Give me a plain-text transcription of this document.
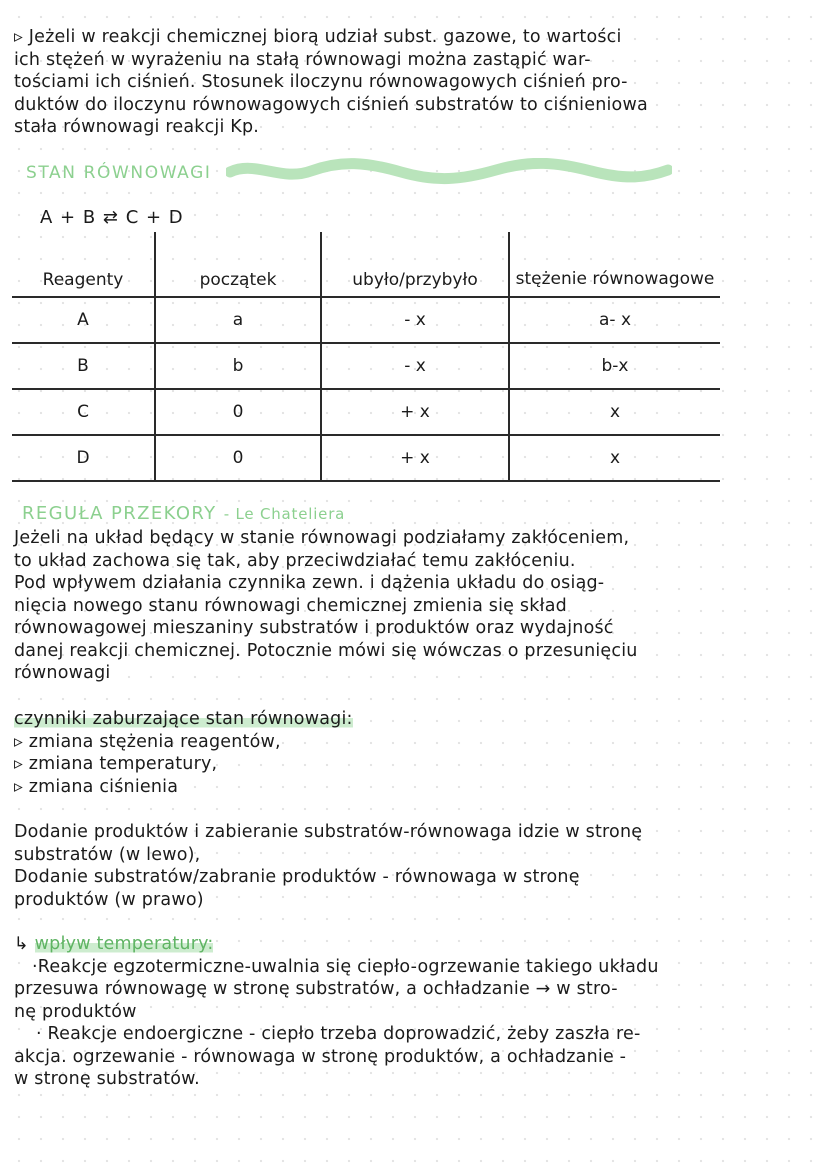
▹ Jeżeli w reakcji chemicznej biorą udział subst. gazowe, to wartości
ich stężeń w wyrażeniu na stałą równowagi można zastąpić war-
tościami ich ciśnień. Stosunek iloczynu równowagowych ciśnień pro-
duktów do iloczynu równowagowych ciśnień substratów to ciśnieniowa
stała równowagi reakcji Kp.
STAN RÓWNOWAGI
A + B ⇄ C + D
Reagenty	początek	ubyło/przybyło	stężenie równowagowe
A	a	- x	a- x
B	b	- x	b-x
C	0	+ x	x
D	0	+ x	x
REGUŁA PRZEKORY - Le Chateliera
Jeżeli na układ będący w stanie równowagi podziałamy zakłóceniem,
to układ zachowa się tak, aby przeciwdziałać temu zakłóceniu.
Pod wpływem działania czynnika zewn. i dążenia układu do osiąg-
nięcia nowego stanu równowagi chemicznej zmienia się skład
równowagowej mieszaniny substratów i produktów oraz wydajność
danej reakcji chemicznej. Potocznie mówi się wówczas o przesunięciu
równowagi
czynniki zaburzające stan równowagi:
▹ zmiana stężenia reagentów,
▹ zmiana temperatury,
▹ zmiana ciśnienia
Dodanie produktów i zabieranie substratów-równowaga idzie w stronę
substratów (w lewo),
Dodanie substratów/zabranie produktów - równowaga w stronę
produktów (w prawo)
↳ wpływ temperatury:
·Reakcje egzotermiczne-uwalnia się ciepło-ogrzewanie takiego układu
przesuwa równowagę w stronę substratów, a ochładzanie → w stro-
nę produktów
· Reakcje endoergiczne - ciepło trzeba doprowadzić, żeby zaszła re-
akcja. ogrzewanie - równowaga w stronę produktów, a ochładzanie -
w stronę substratów.
